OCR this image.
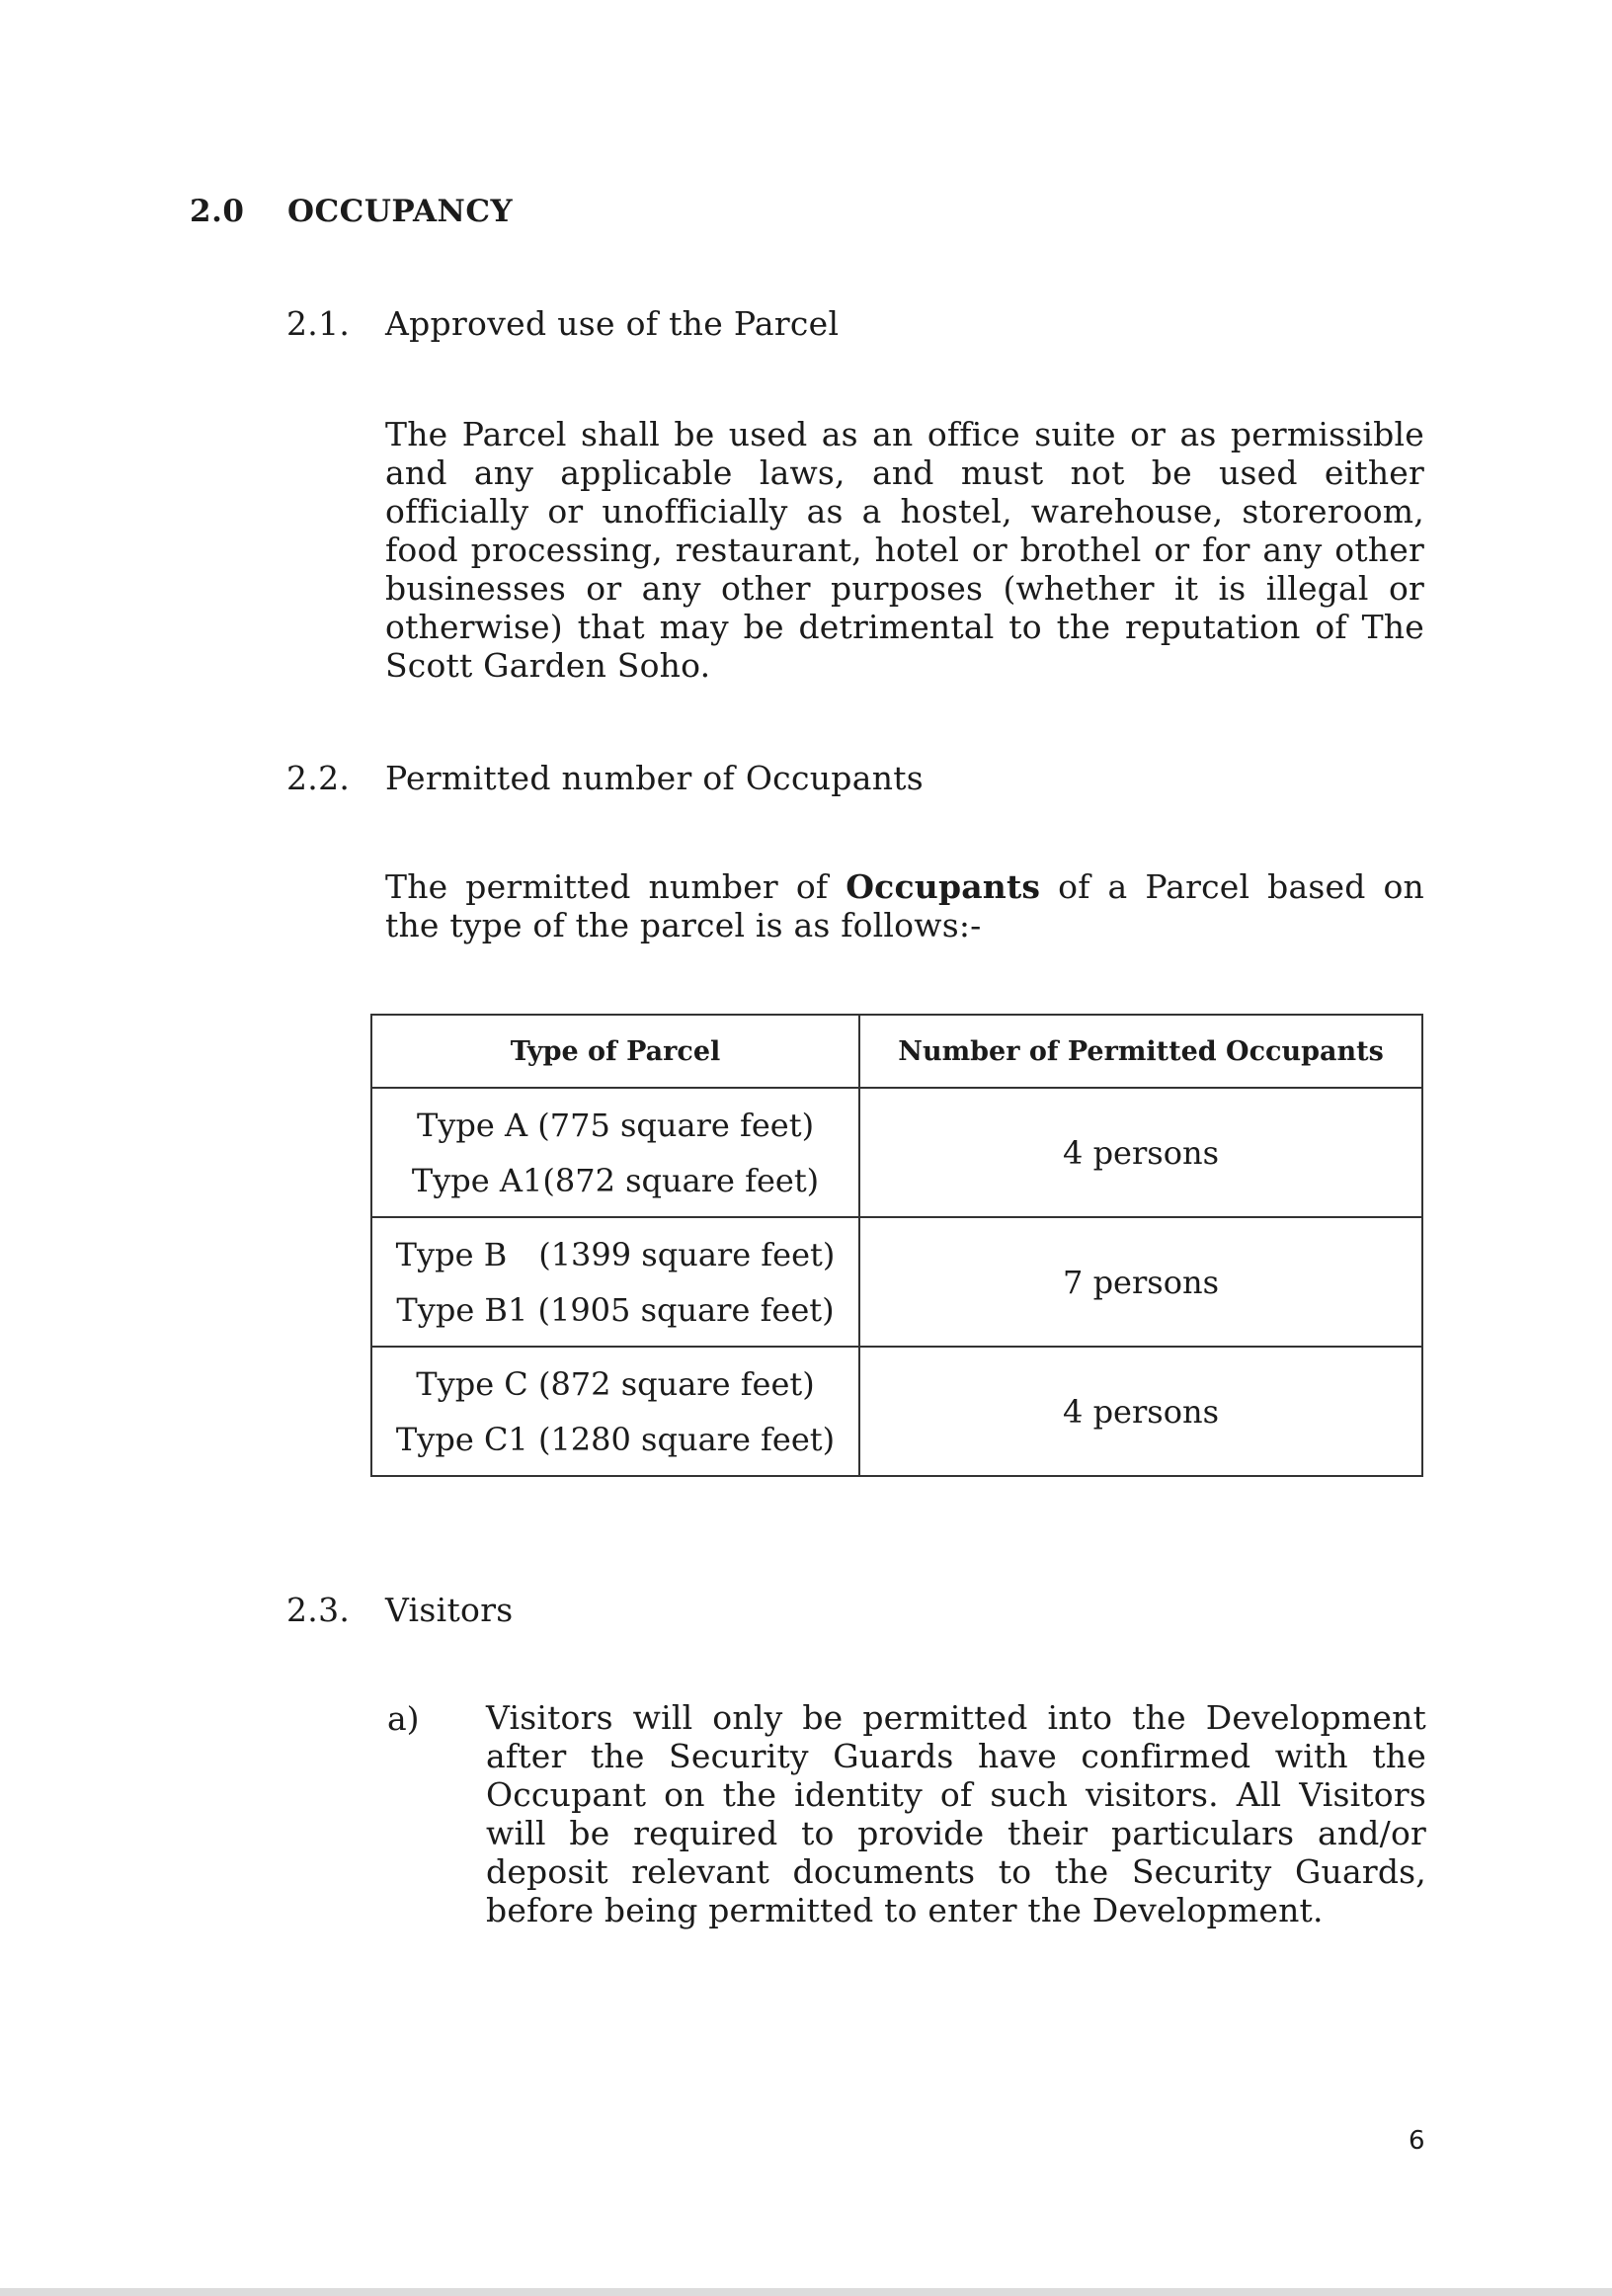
2.0 OCCUPANCY
2.1. Approved use of the Parcel
The Parcel shall be used as an office suite or as permissible and any applicable laws, and must not be used either officially or unofficially as a hostel, warehouse, storeroom, food processing, restaurant, hotel or brothel or for any other businesses or any other purposes (whether it is illegal or otherwise) that may be detrimental to the reputation of The Scott Garden Soho.
2.2. Permitted number of Occupants
The permitted number of Occupants of a Parcel based on the type of the parcel is as follows:-
Type of Parcel	Number of Permitted Occupants

Type A (775 square feet)
Type A1(872 square feet)	4 persons

Type B (1399 square feet)
Type B1 (1905 square feet)	7 persons

Type C (872 square feet)
Type C1 (1280 square feet)	4 persons
2.3. Visitors
a) Visitors will only be permitted into the Development after the Security Guards have confirmed with the Occupant on the identity of such visitors. All Visitors will be required to provide their particulars and/or deposit relevant documents to the Security Guards, before being permitted to enter the Development.
6
